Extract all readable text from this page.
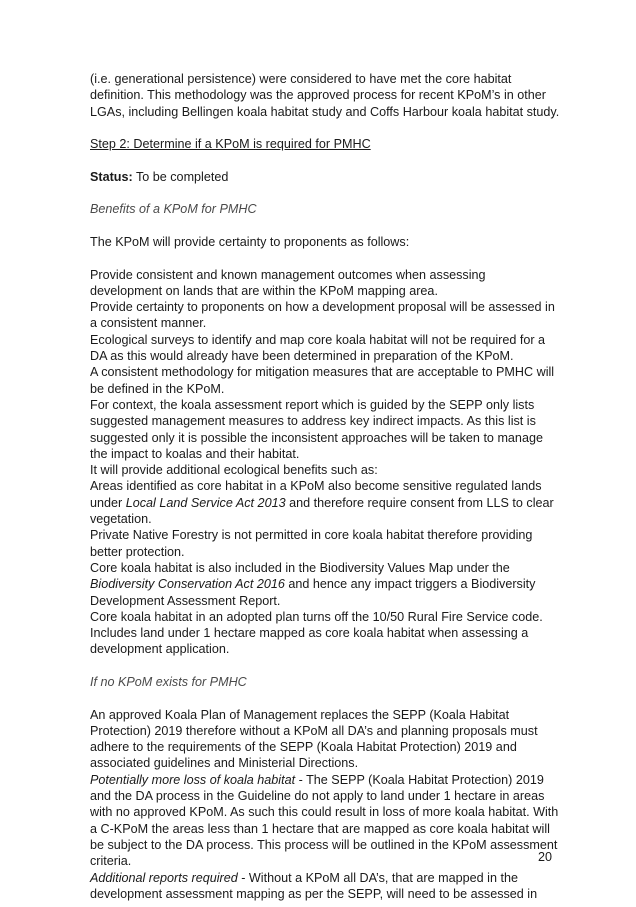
(i.e. generational persistence) were considered to have met the core habitat definition. This methodology was the approved process for recent KPoM’s in other LGAs, including Bellingen koala habitat study and Coffs Harbour koala habitat study.

Step 2: Determine if a KPoM is required for PMHC

Status: To be completed

Benefits of a KPoM for PMHC

The KPoM will provide certainty to proponents as follows:

Provide consistent and known management outcomes when assessing development on lands that are within the KPoM mapping area.

Provide certainty to proponents on how a development proposal will be assessed in a consistent manner.

Ecological surveys to identify and map core koala habitat will not be required for a DA as this would already have been determined in preparation of the KPoM.

A consistent methodology for mitigation measures that are acceptable to PMHC will be defined in the KPoM.

For context, the koala assessment report which is guided by the SEPP only lists suggested management measures to address key indirect impacts. As this list is suggested only it is possible the inconsistent approaches will be taken to manage the impact to koalas and their habitat.

It will provide additional ecological benefits such as:

Areas identified as core habitat in a KPoM also become sensitive regulated lands under Local Land Service Act 2013 and therefore require consent from LLS to clear vegetation.

Private Native Forestry is not permitted in core koala habitat therefore providing better protection.

Core koala habitat is also included in the Biodiversity Values Map under the Biodiversity Conservation Act 2016 and hence any impact triggers a Biodiversity Development Assessment Report.

Core koala habitat in an adopted plan turns off the 10/50 Rural Fire Service code.

Includes land under 1 hectare mapped as core koala habitat when assessing a development application.

If no KPoM exists for PMHC

An approved Koala Plan of Management replaces the SEPP (Koala Habitat Protection) 2019 therefore without a KPoM all DA’s and planning proposals must adhere to the requirements of the SEPP (Koala Habitat Protection) 2019 and associated guidelines and Ministerial Directions.

Potentially more loss of koala habitat - The SEPP (Koala Habitat Protection) 2019 and the DA process in the Guideline do not apply to land under 1 hectare in areas with no approved KPoM. As such this could result in loss of more koala habitat. With a C-KPoM the areas less than 1 hectare that are mapped as core koala habitat will be subject to the DA process. This process will be outlined in the KPoM assessment criteria.

Additional reports required - Without a KPoM all DA’s, that are mapped in the development assessment mapping as per the SEPP, will need to be assessed in

20
